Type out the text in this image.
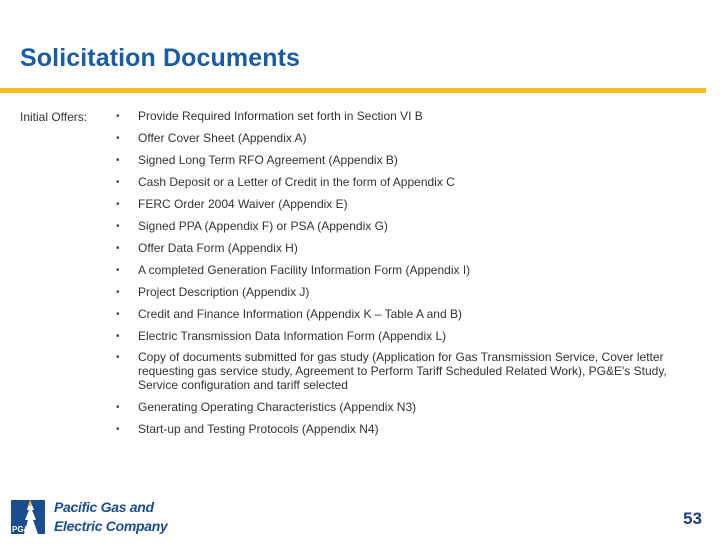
Solicitation Documents
Initial Offers:	• Provide Required Information set forth in Section VI B
• Offer Cover Sheet (Appendix A)
• Signed Long Term RFO Agreement (Appendix B)
• Cash Deposit or a Letter of Credit in the form of Appendix C
• FERC Order 2004 Waiver (Appendix E)
• Signed PPA (Appendix F) or PSA (Appendix G)
• Offer Data Form (Appendix H)
• A completed Generation Facility Information Form (Appendix I)
• Project Description (Appendix J)
• Credit and Finance Information (Appendix K – Table A and B)
• Electric Transmission Data Information Form (Appendix L)
• Copy of documents submitted for gas study (Application for Gas Transmission Service, Cover letter requesting gas service study, Agreement to Perform Tariff Scheduled Related Work), PG&E's Study, Service configuration and tariff selected
• Generating Operating Characteristics (Appendix N3)
• Start-up and Testing Protocols (Appendix N4)
PG&E
Pacific Gas and
Electric Company	53
